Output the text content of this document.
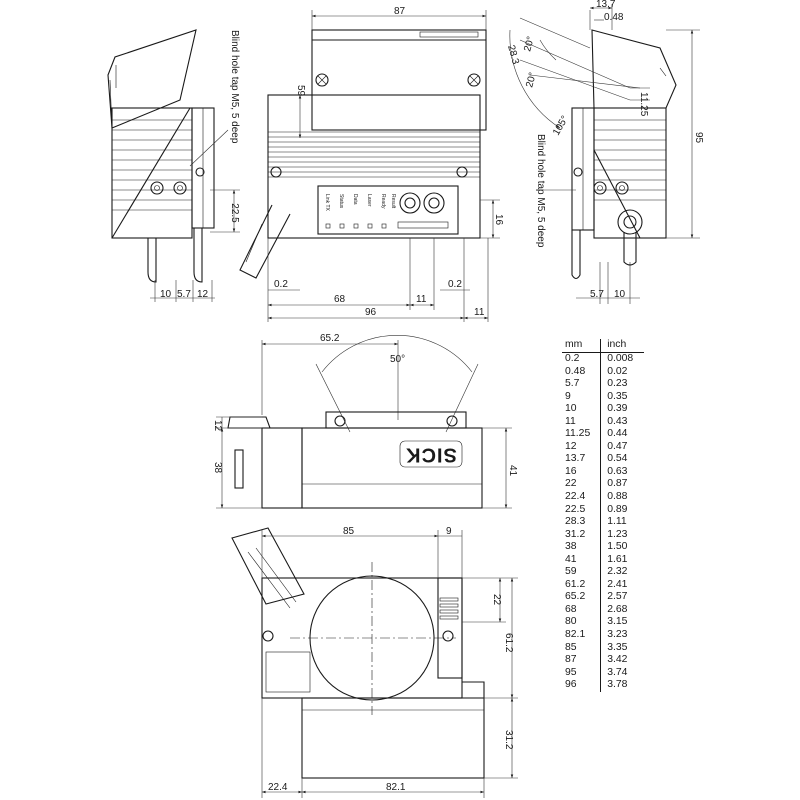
10 5.7 12
22.5
Blind hole tap M5, 5 deep
Link TX Status Data Laser Ready Result
87
59
16
0.2	0.2
68	11
96	11
13.7
0.48
28.3 20°
20°
11.25
105°
95
Blind hole tap M5, 5 deep
5.7 10
50°
65.2
SICK
12
38	41
85	9
22
61.2
31.2
22.4	82.1
mm	inch
0.2	0.008
0.48	0.02
5.7	0.23
9	0.35
10	0.39
11	0.43
11.25	0.44
12	0.47
13.7	0.54
16	0.63
22	0.87
22.4	0.88
22.5	0.89
28.3	1.11
31.2	1.23
38	1.50
41	1.61
59	2.32
61.2	2.41
65.2	2.57
68	2.68
80	3.15
82.1	3.23
85	3.35
87	3.42
95	3.74
96	3.78
